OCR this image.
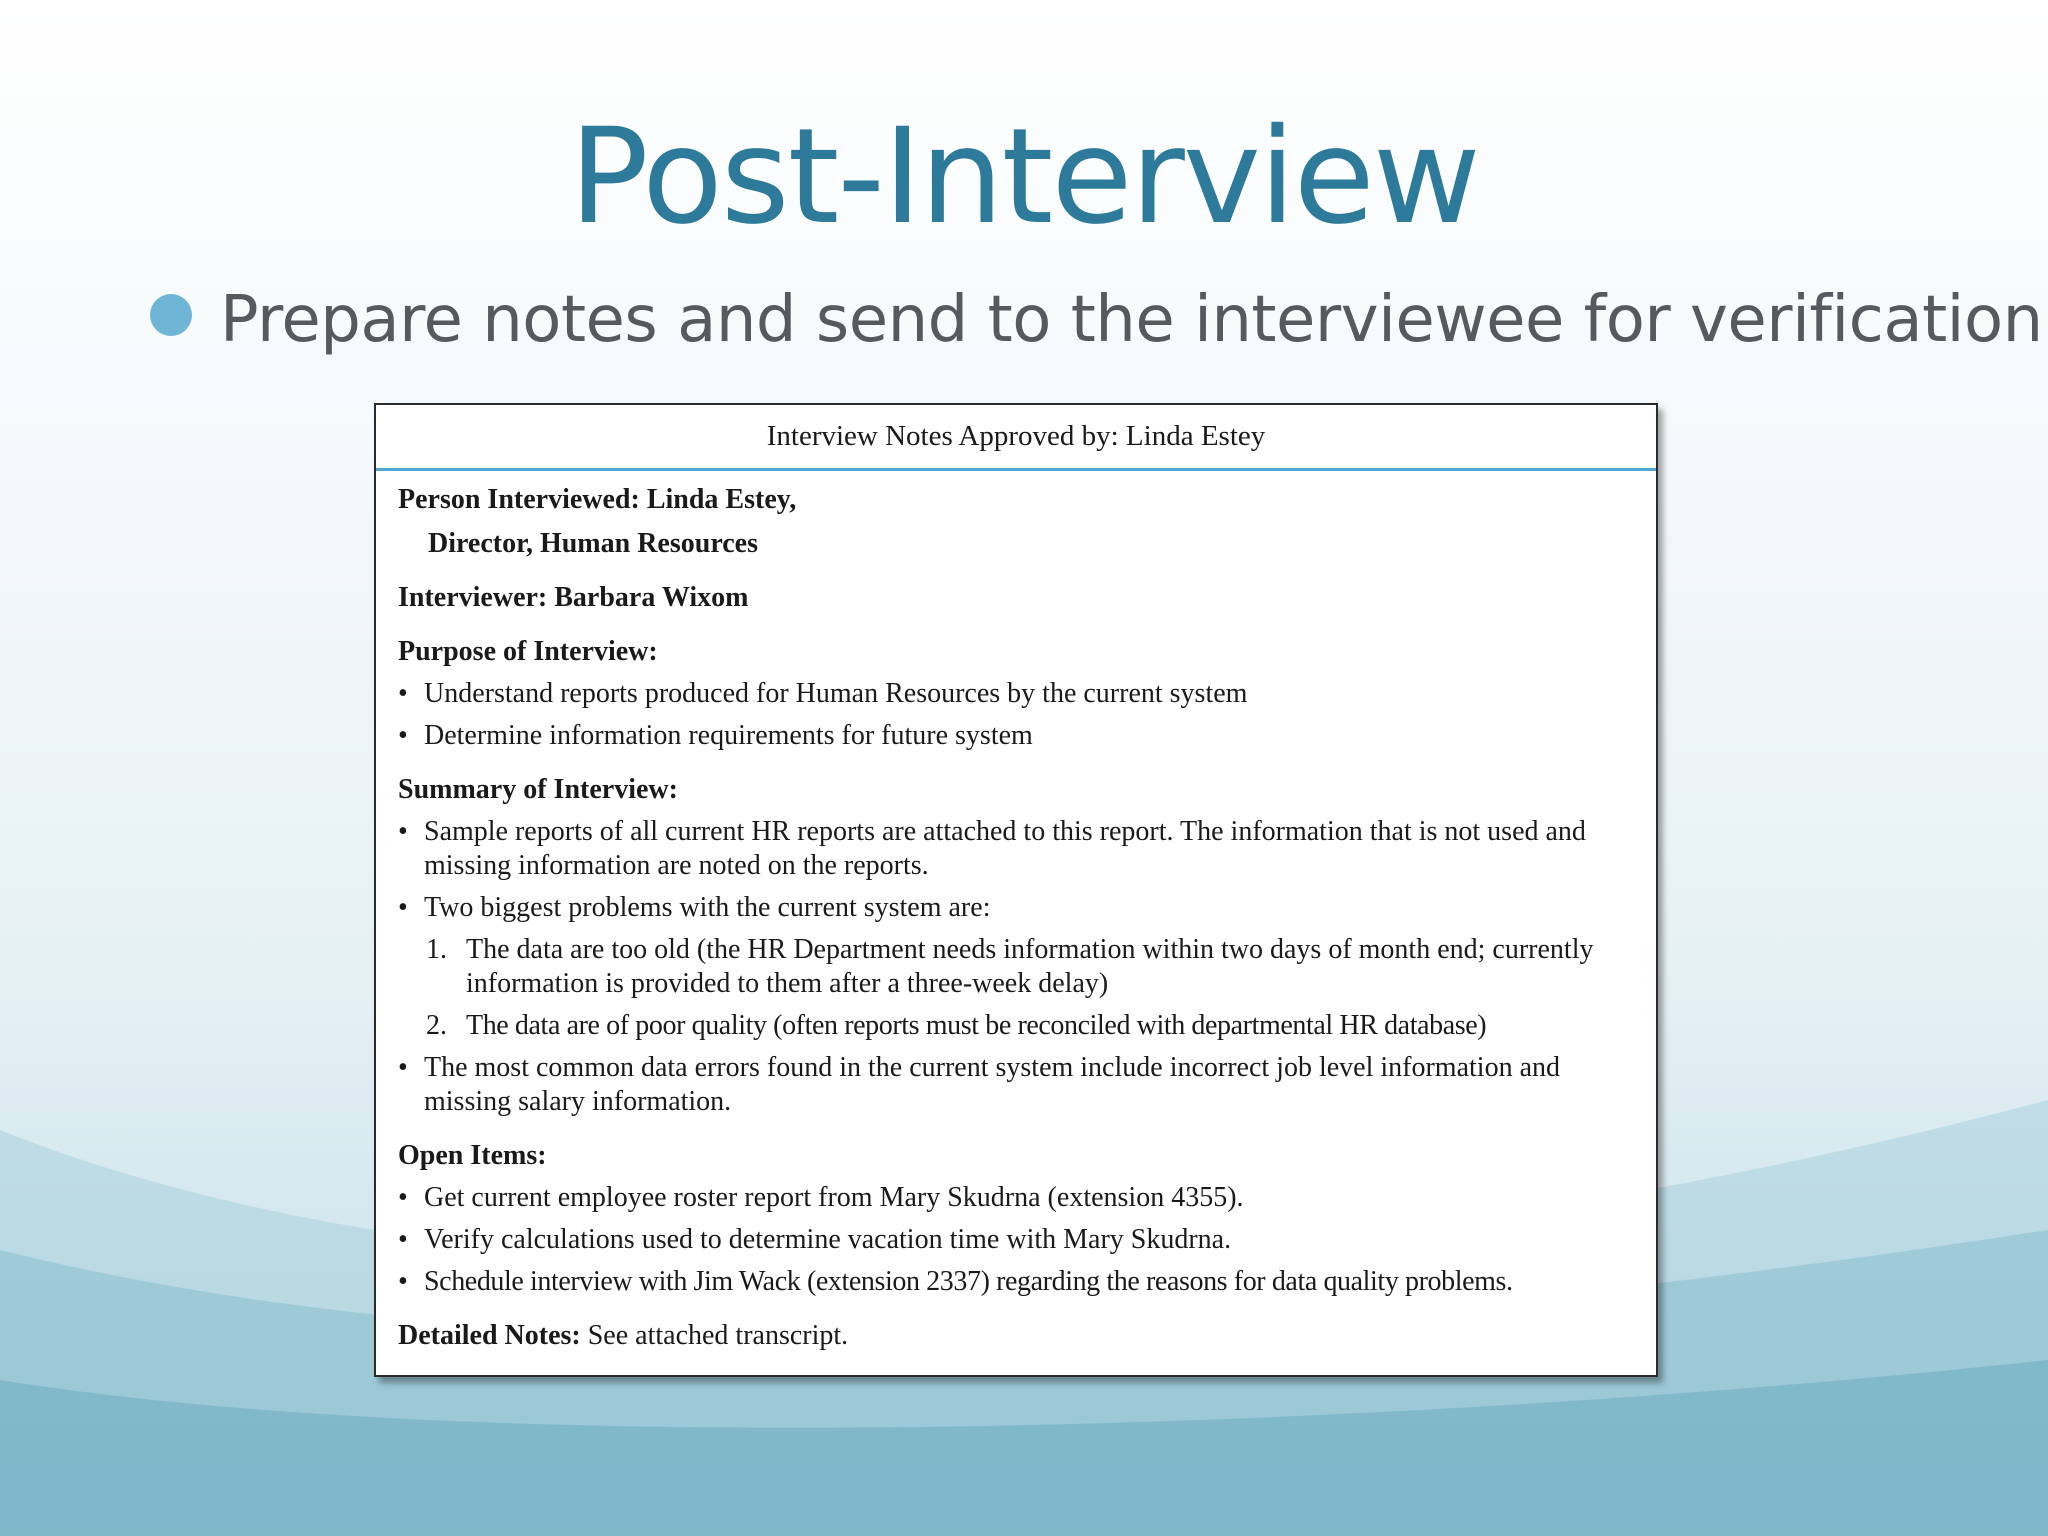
Post-Interview
Prepare notes and send to the interviewee for verification
Interview Notes Approved by: Linda Estey

Person Interviewed: Linda Estey,

Director, Human Resources

Interviewer: Barbara Wixom

Purpose of Interview:

• Understand reports produced for Human Resources by the current system
• Determine information requirements for future system

Summary of Interview:

• Sample reports of all current HR reports are attached to this report. The information that is not used and missing information are noted on the reports.
• Two biggest problems with the current system are:
1. The data are too old (the HR Department needs information within two days of month end; currently information is provided to them after a three-week delay)
2. The data are of poor quality (often reports must be reconciled with departmental HR database)
• The most common data errors found in the current system include incorrect job level information and missing salary information.

Open Items:

• Get current employee roster report from Mary Skudrna (extension 4355).
• Verify calculations used to determine vacation time with Mary Skudrna.
• Schedule interview with Jim Wack (extension 2337) regarding the reasons for data quality problems.

Detailed Notes: See attached transcript.
